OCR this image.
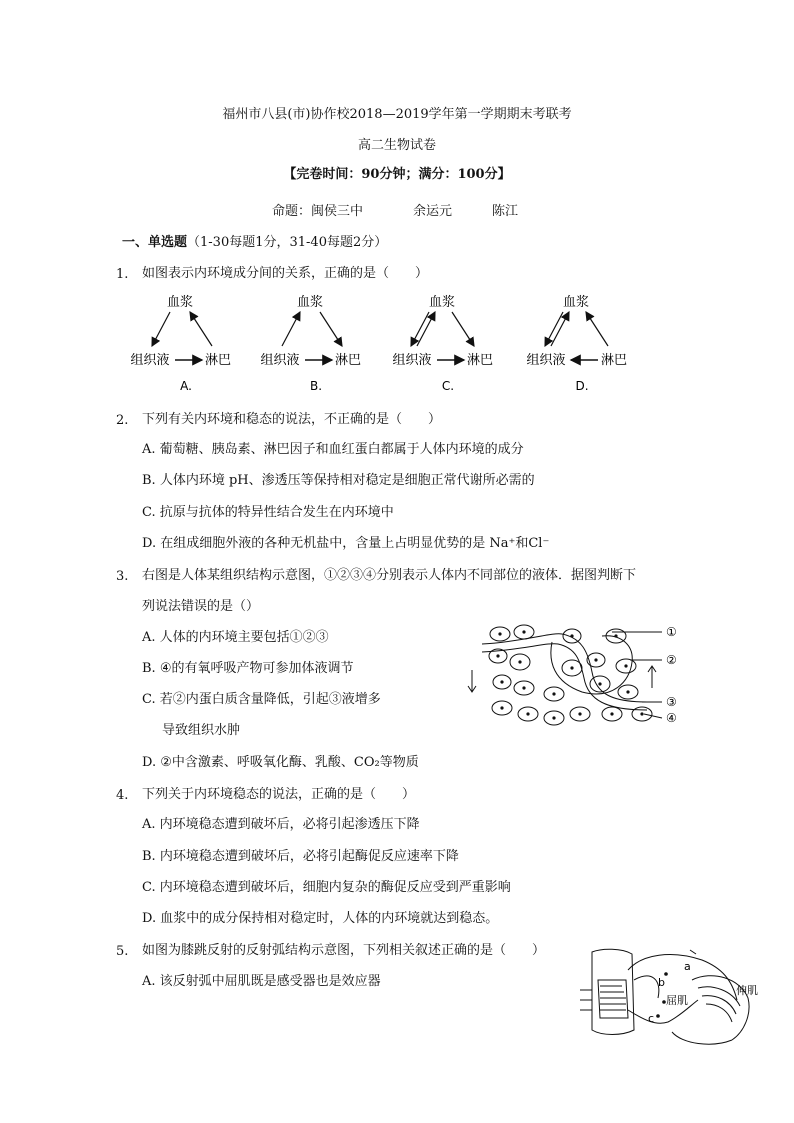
福州市八县(市)协作校2018—2019学年第一学期期末考联考
高二生物试卷
【完卷时间：90分钟；满分：100分】
命题：闽侯三中	余运元	陈江
一、单选题（1-30每题1分，31-40每题2分）
1. 如图表示内环境成分间的关系，正确的是（　　）
血浆
组织液	淋巴
A.
血浆
组织液	淋巴
B.
血浆
组织液	淋巴
C.
血浆
组织液	淋巴
D.
2. 下列有关内环境和稳态的说法，不正确的是（　　）
A. 葡萄糖、胰岛素、淋巴因子和血红蛋白都属于人体内环境的成分
B. 人体内环境 pH、渗透压等保持相对稳定是细胞正常代谢所必需的
C. 抗原与抗体的特异性结合发生在内环境中
D. 在组成细胞外液的各种无机盐中，含量上占明显优势的是 Na⁺和Cl⁻
3. 右图是人体某组织结构示意图，①②③④分别表示人体内不同部位的液体．据图判断下
列说法错误的是（）
A. 人体的内环境主要包括①②③
B. ④的有氧呼吸产物可参加体液调节
C. 若②内蛋白质含量降低，引起③液增多
导致组织水肿
D. ②中含激素、呼吸氧化酶、乳酸、CO₂等物质
①
②
③
④
4. 下列关于内环境稳态的说法，正确的是（　　）
A. 内环境稳态遭到破坏后，必将引起渗透压下降
B. 内环境稳态遭到破坏后，必将引起酶促反应速率下降
C. 内环境稳态遭到破坏后，细胞内复杂的酶促反应受到严重影响
D. 血浆中的成分保持相对稳定时，人体的内环境就达到稳态。
5. 如图为膝跳反射的反射弧结构示意图，下列相关叙述正确的是（　　）
A. 该反射弧中屈肌既是感受器也是效应器
a
b
c
屈肌
伸肌
